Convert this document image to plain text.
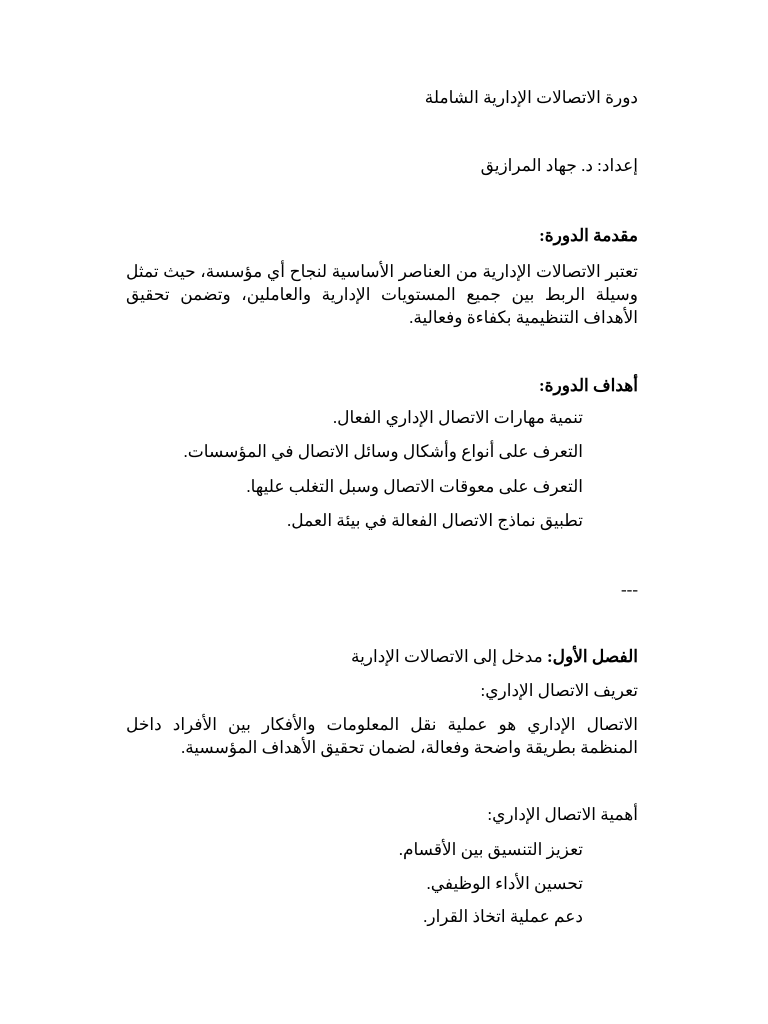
دورة الاتصالات الإدارية الشاملة

إعداد: د. جهاد المرازيق

مقدمة الدورة:

تعتبر الاتصالات الإدارية من العناصر الأساسية لنجاح أي مؤسسة، حيث تمثل وسيلة الربط بين جميع المستويات الإدارية والعاملين، وتضمن تحقيق الأهداف التنظيمية بكفاءة وفعالية.

أهداف الدورة:

تنمية مهارات الاتصال الإداري الفعال.

التعرف على أنواع وأشكال وسائل الاتصال في المؤسسات.

التعرف على معوقات الاتصال وسبل التغلب عليها.

تطبيق نماذج الاتصال الفعالة في بيئة العمل.

---

الفصل الأول: مدخل إلى الاتصالات الإدارية

تعريف الاتصال الإداري:

الاتصال الإداري هو عملية نقل المعلومات والأفكار بين الأفراد داخل المنظمة بطريقة واضحة وفعالة، لضمان تحقيق الأهداف المؤسسية.

أهمية الاتصال الإداري:

تعزيز التنسيق بين الأقسام.

تحسين الأداء الوظيفي.

دعم عملية اتخاذ القرار.
